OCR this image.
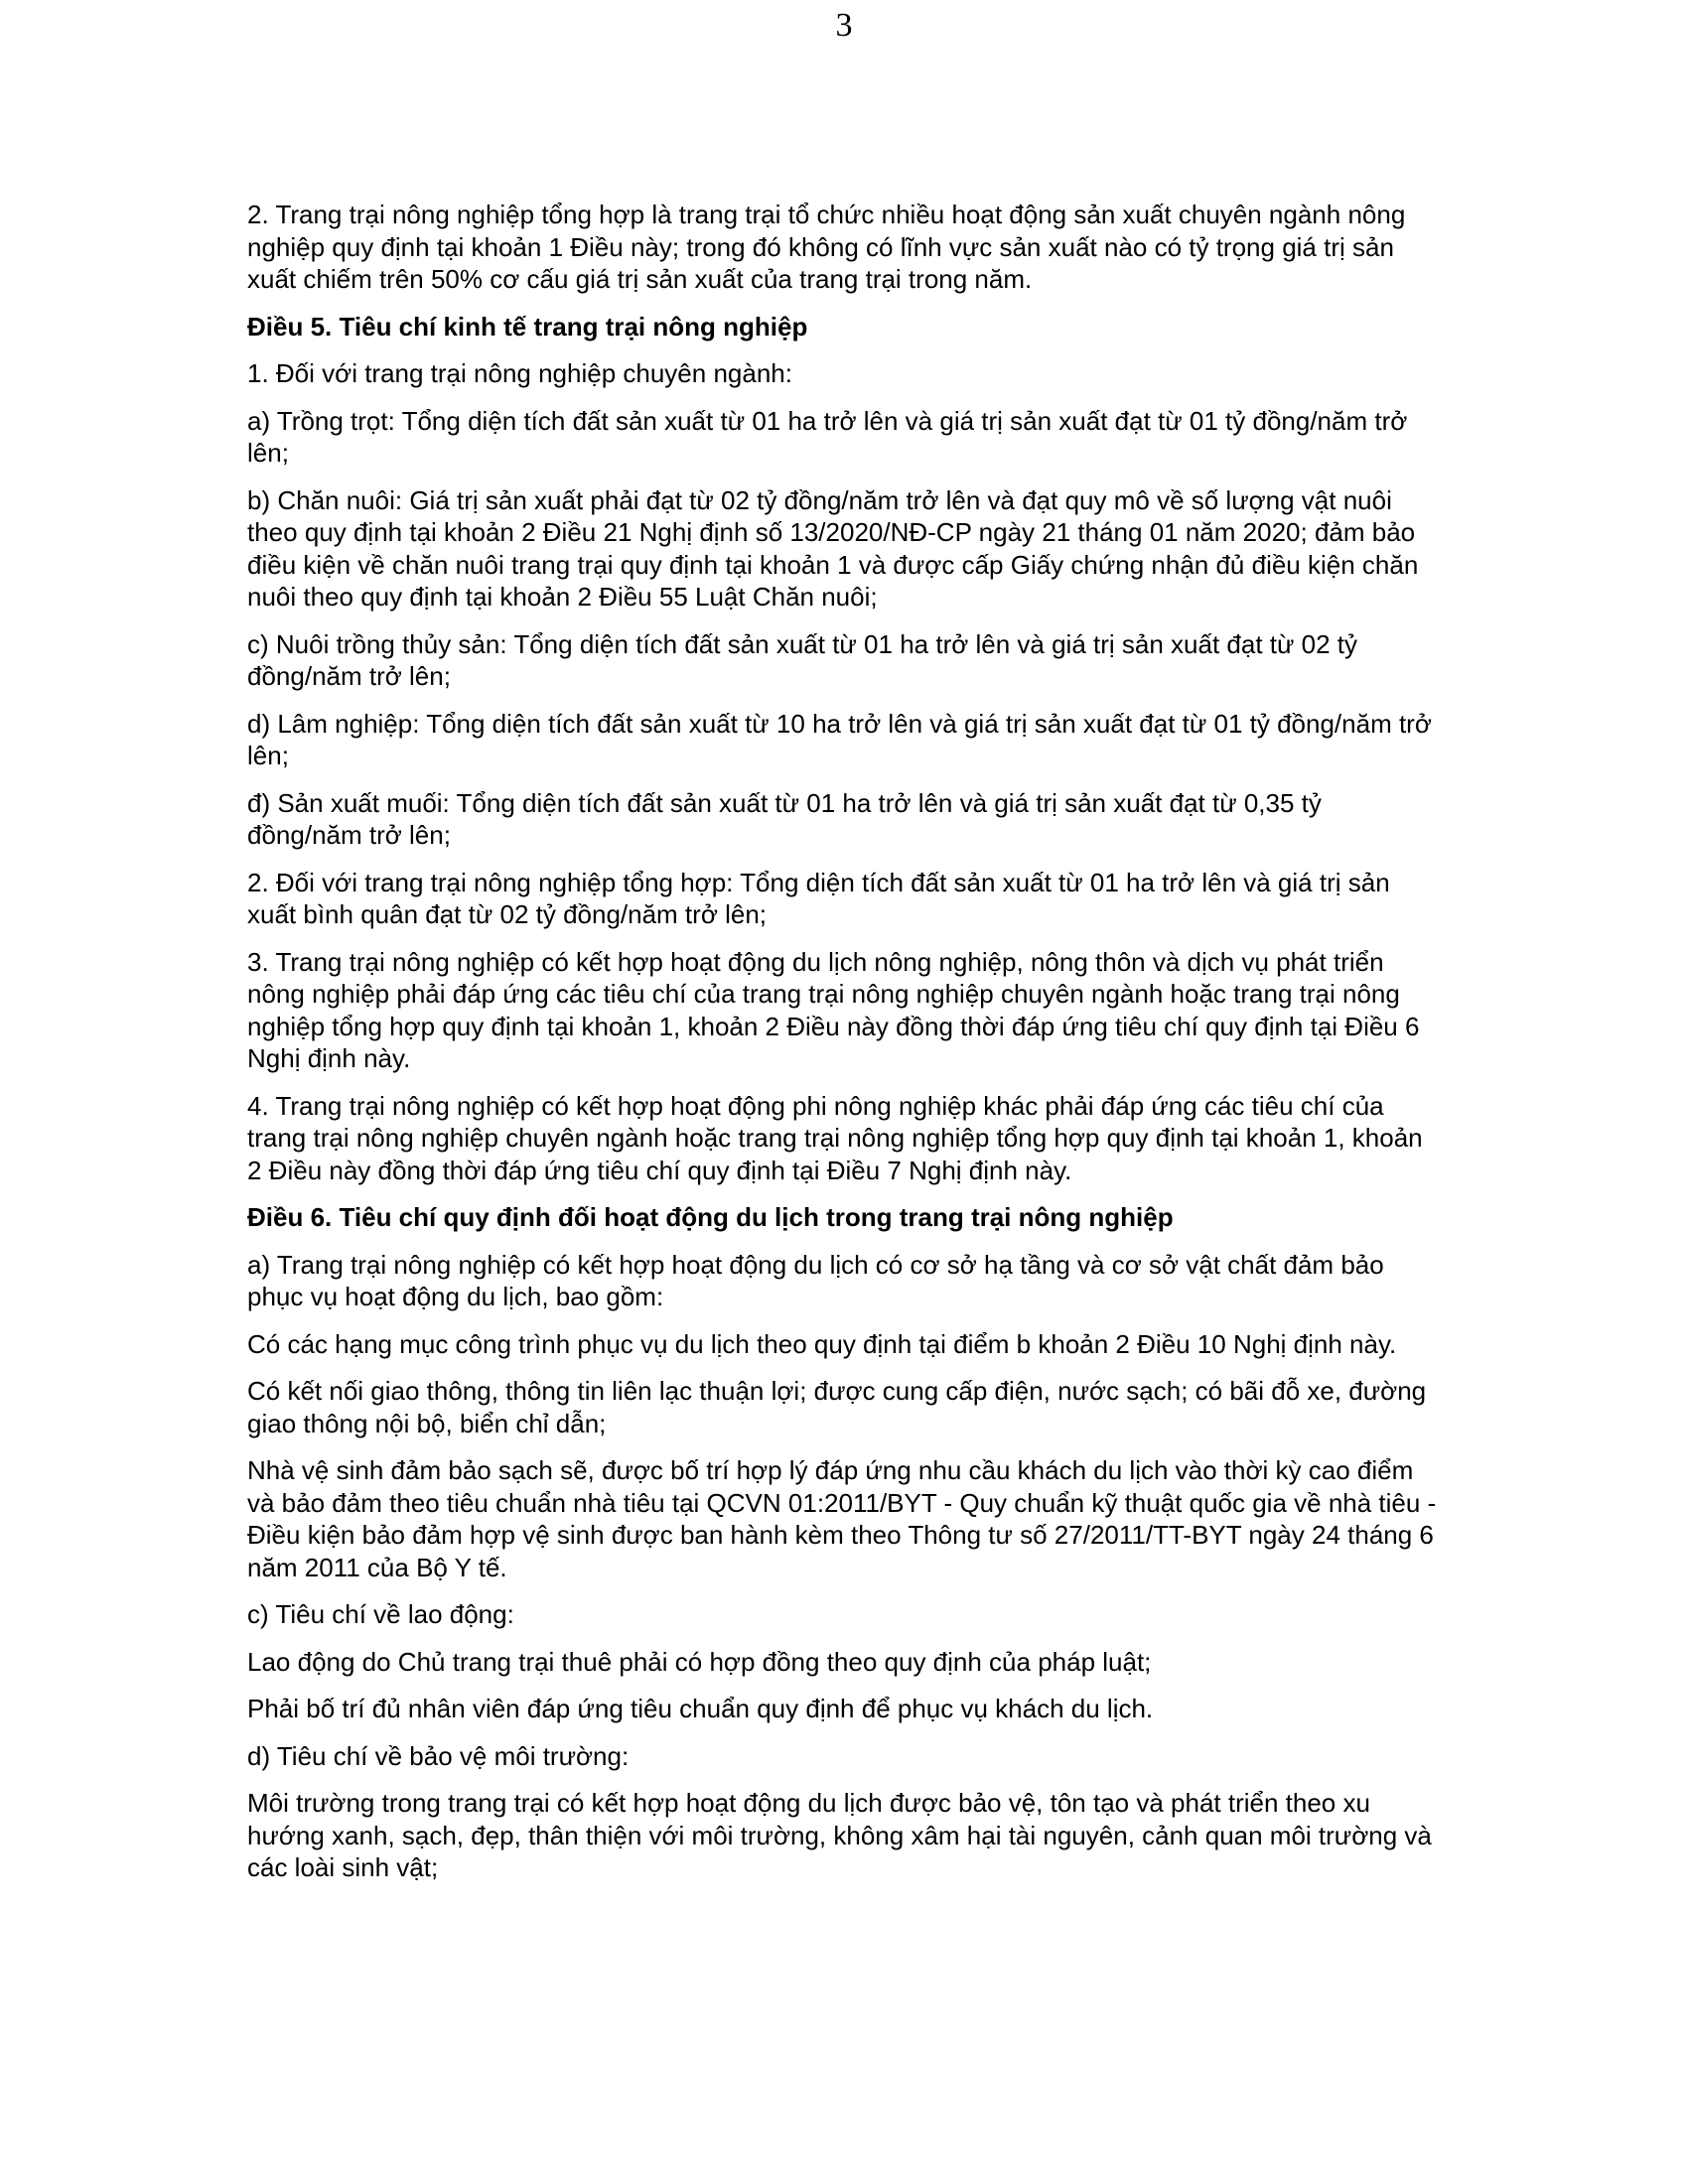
3

2. Trang trại nông nghiệp tổng hợp là trang trại tổ chức nhiều hoạt động sản xuất chuyên ngành nông nghiệp quy định tại khoản 1 Điều này; trong đó không có lĩnh vực sản xuất nào có tỷ trọng giá trị sản xuất chiếm trên 50% cơ cấu giá trị sản xuất của trang trại trong năm.

Điều 5. Tiêu chí kinh tế trang trại nông nghiệp

1. Đối với trang trại nông nghiệp chuyên ngành:

a) Trồng trọt: Tổng diện tích đất sản xuất từ 01 ha trở lên và giá trị sản xuất đạt từ 01 tỷ đồng/năm trở lên;

b) Chăn nuôi: Giá trị sản xuất phải đạt từ 02 tỷ đồng/năm trở lên và đạt quy mô về số lượng vật nuôi theo quy định tại khoản 2 Điều 21 Nghị định số 13/2020/NĐ-CP ngày 21 tháng 01 năm 2020; đảm bảo điều kiện về chăn nuôi trang trại quy định tại khoản 1 và được cấp Giấy chứng nhận đủ điều kiện chăn nuôi theo quy định tại khoản 2 Điều 55 Luật Chăn nuôi;

c) Nuôi trồng thủy sản: Tổng diện tích đất sản xuất từ 01 ha trở lên và giá trị sản xuất đạt từ 02 tỷ đồng/năm trở lên;

d) Lâm nghiệp: Tổng diện tích đất sản xuất từ 10 ha trở lên và giá trị sản xuất đạt từ 01 tỷ đồng/năm trở lên;

đ) Sản xuất muối: Tổng diện tích đất sản xuất từ 01 ha trở lên và giá trị sản xuất đạt từ 0,35 tỷ đồng/năm trở lên;

2. Đối với trang trại nông nghiệp tổng hợp: Tổng diện tích đất sản xuất từ 01 ha trở lên và giá trị sản xuất bình quân đạt từ 02 tỷ đồng/năm trở lên;

3. Trang trại nông nghiệp có kết hợp hoạt động du lịch nông nghiệp, nông thôn và dịch vụ phát triển nông nghiệp phải đáp ứng các tiêu chí của trang trại nông nghiệp chuyên ngành hoặc trang trại nông nghiệp tổng hợp quy định tại khoản 1, khoản 2 Điều này đồng thời đáp ứng tiêu chí quy định tại Điều 6 Nghị định này.

4. Trang trại nông nghiệp có kết hợp hoạt động phi nông nghiệp khác phải đáp ứng các tiêu chí của trang trại nông nghiệp chuyên ngành hoặc trang trại nông nghiệp tổng hợp quy định tại khoản 1, khoản 2 Điều này đồng thời đáp ứng tiêu chí quy định tại Điều 7 Nghị định này.

Điều 6. Tiêu chí quy định đối hoạt động du lịch trong trang trại nông nghiệp

a) Trang trại nông nghiệp có kết hợp hoạt động du lịch có cơ sở hạ tầng và cơ sở vật chất đảm bảo phục vụ hoạt động du lịch, bao gồm:

Có các hạng mục công trình phục vụ du lịch theo quy định tại điểm b khoản 2 Điều 10 Nghị định này.

Có kết nối giao thông, thông tin liên lạc thuận lợi; được cung cấp điện, nước sạch; có bãi đỗ xe, đường giao thông nội bộ, biển chỉ dẫn;

Nhà vệ sinh đảm bảo sạch sẽ, được bố trí hợp lý đáp ứng nhu cầu khách du lịch vào thời kỳ cao điểm và bảo đảm theo tiêu chuẩn nhà tiêu tại QCVN 01:2011/BYT - Quy chuẩn kỹ thuật quốc gia về nhà tiêu - Điều kiện bảo đảm hợp vệ sinh được ban hành kèm theo Thông tư số 27/2011/TT-BYT ngày 24 tháng 6 năm 2011 của Bộ Y tế.

c) Tiêu chí về lao động:

Lao động do Chủ trang trại thuê phải có hợp đồng theo quy định của pháp luật;

Phải bố trí đủ nhân viên đáp ứng tiêu chuẩn quy định để phục vụ khách du lịch.

d) Tiêu chí về bảo vệ môi trường:

Môi trường trong trang trại có kết hợp hoạt động du lịch được bảo vệ, tôn tạo và phát triển theo xu hướng xanh, sạch, đẹp, thân thiện với môi trường, không xâm hại tài nguyên, cảnh quan môi trường và các loài sinh vật;
